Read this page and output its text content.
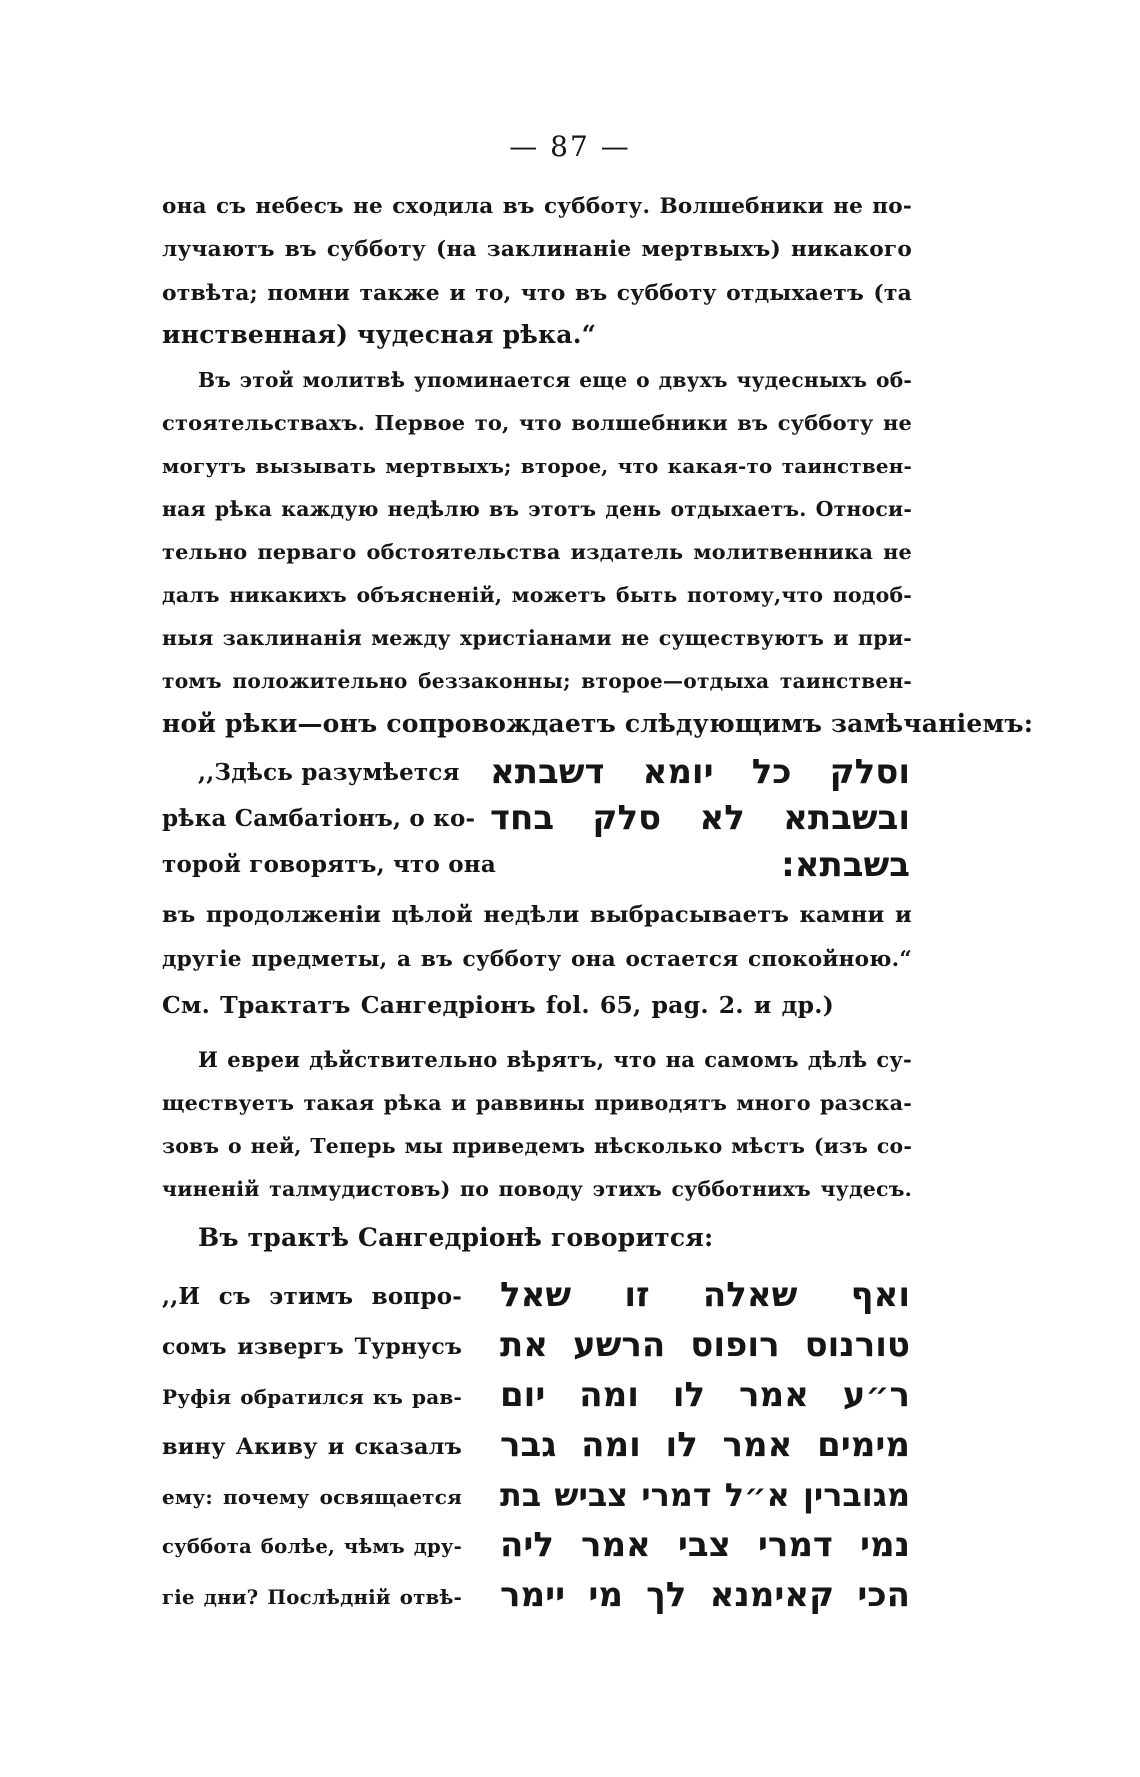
— 87 —

она съ небесъ не сходила въ субботу. Волшебники не по-

лучаютъ въ субботу (на заклинаніе мертвыхъ) никакого

отвѣта; помни также и то, что въ субботу отдыхаетъ (та

инственная) чудесная рѣка.“

Въ этой молитвѣ упоминается еще о двухъ чудесныхъ об-

стоятельствахъ. Первое то, что волшебники въ субботу не

могутъ вызывать мертвыхъ; второе, что какая-то таинствен-

ная рѣка каждую недѣлю въ этотъ день отдыхаетъ. Относи-

тельно перваго обстоятельства издатель молитвенника не

далъ никакихъ объясненій, можетъ быть потому,что подоб-

ныя заклинанія между христіанами не существуютъ и при-

томъ положительно беззаконны; второе—отдыха таинствен-

ной рѣки—онъ сопровождаетъ слѣдующимъ замѣчаніемъ:

,,Здѣсь разумѣется

рѣка Самбатіонъ, о ко-

торой говорятъ, что она

וסלק כל יומא דשבתא

ובשבתא לא סלק בחד

בשבתא:

въ продолженіи цѣлой недѣли выбрасываетъ камни и

другіе предметы, а въ субботу она остается спокойною.“

См. Трактатъ Сангедріонъ fol. 65, pag. 2. и др.)

И евреи дѣйствительно вѣрятъ, что на самомъ дѣлѣ су-

ществуетъ такая рѣка и раввины приводятъ много разска-

зовъ о ней, Теперь мы приведемъ нѣсколько мѣстъ (изъ со-

чиненій талмудистовъ) по поводу этихъ субботнихъ чудесъ.

Въ трактѣ Сангедріонѣ говорится:

,,И съ этимъ вопро-

сомъ извергъ Турнусъ

Руфія обратился къ рав-

вину Акиву и сказалъ

ему: почему освящается

суббота болѣе, чѣмъ дру-

гіе дни? Послѣдній отвѣ-

ואף שאלה זו שאל

טורנוס רופוס הרשע את

ר״ע אמר לו ומה יום

מימים אמר לו ומה גבר

מגוברין א״ל דמרי צביש בת

נמי דמרי צבי אמר ליה

הכי קאימנא לך מי יימר
